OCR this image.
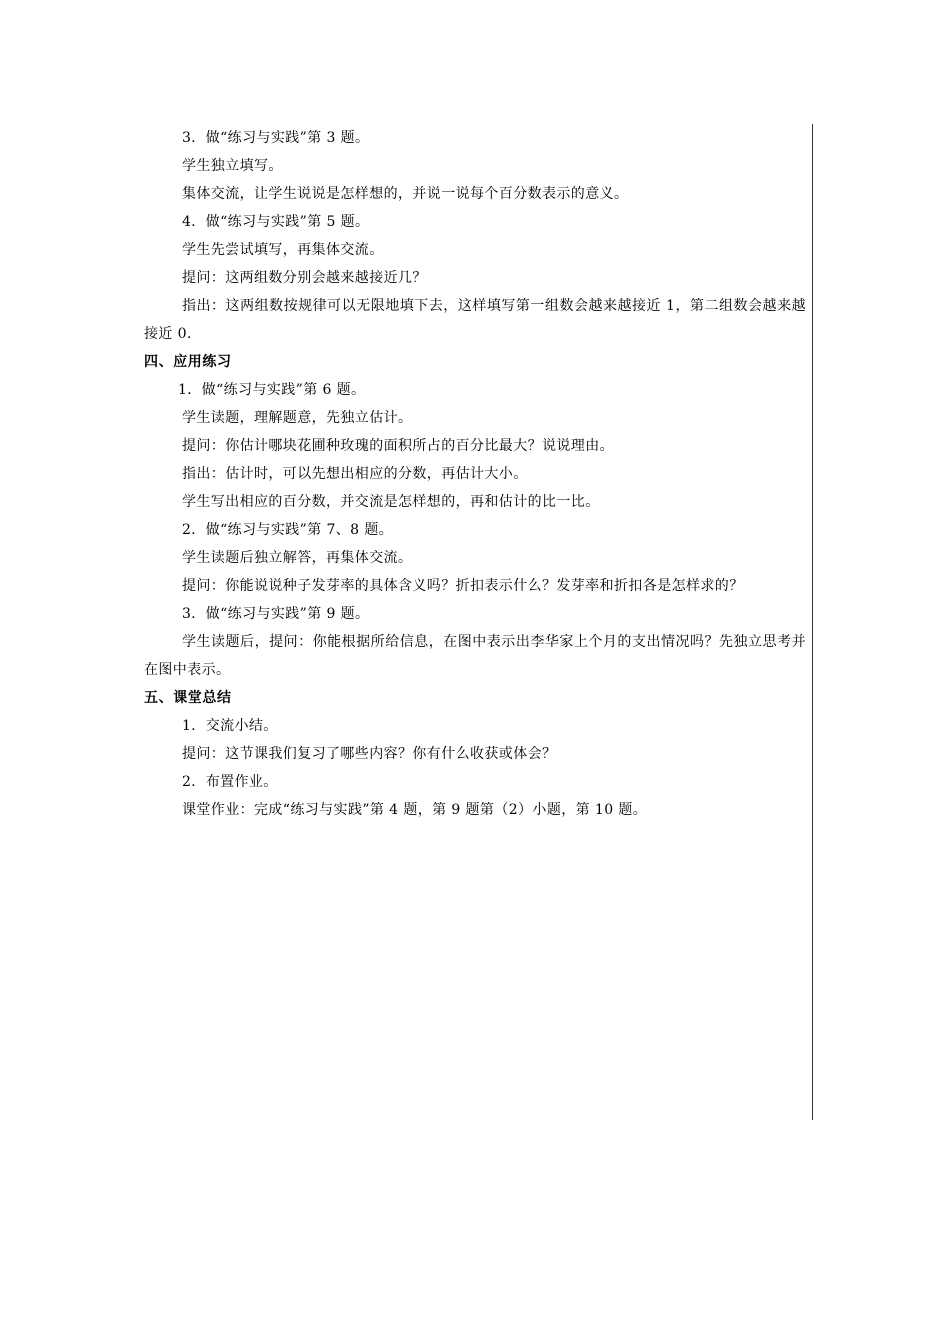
3．做“练习与实践”第 3 题。

学生独立填写。

集体交流，让学生说说是怎样想的，并说一说每个百分数表示的意义。

4．做“练习与实践”第 5 题。

学生先尝试填写，再集体交流。

提问：这两组数分别会越来越接近几？

指出：这两组数按规律可以无限地填下去，这样填写第一组数会越来越接近 1，第二组数会越来越接近 0.

四、应用练习

1．做“练习与实践”第 6 题。

学生读题，理解题意，先独立估计。

提问：你估计哪块花圃种玫瑰的面积所占的百分比最大？说说理由。

指出：估计时，可以先想出相应的分数，再估计大小。

学生写出相应的百分数，并交流是怎样想的，再和估计的比一比。

2．做“练习与实践”第 7、8 题。

学生读题后独立解答，再集体交流。

提问：你能说说种子发芽率的具体含义吗？折扣表示什么？发芽率和折扣各是怎样求的？

3．做“练习与实践”第 9 题。

学生读题后，提问：你能根据所给信息，在图中表示出李华家上个月的支出情况吗？先独立思考并在图中表示。

五、课堂总结

1．交流小结。

提问：这节课我们复习了哪些内容？你有什么收获或体会？

2．布置作业。

课堂作业：完成“练习与实践”第 4 题，第 9 题第（2）小题，第 10 题。
